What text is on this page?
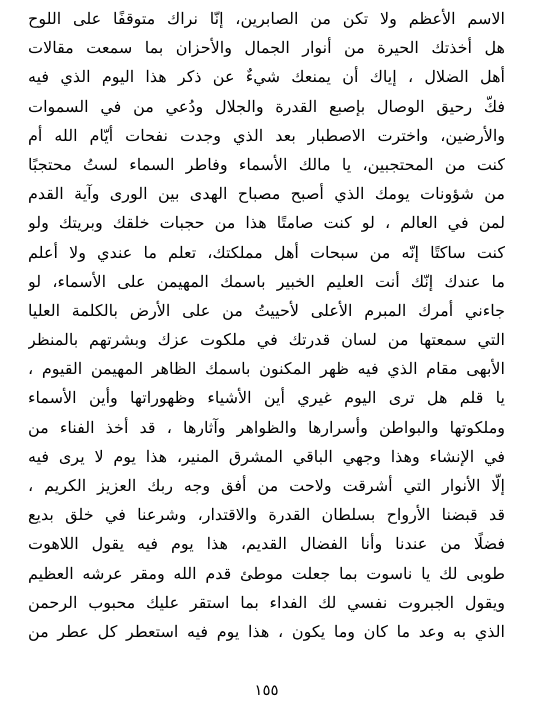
الاسم الأعظم ولا تكن من الصابرين، إنّا نراك متوقفًا على اللوح
هل أخذتك الحيرة من أنوار الجمال والأحزان بما سمعت مقالات
أهل الضلال ، إياك أن يمنعك شيءٌ عن ذكر هذا اليوم الذي فيه
فكّ رحيق الوصال بإصبع القدرة والجلال ودُعي من في السموات
والأرضين، واخترت الاصطبار بعد الذي وجدت نفحات أيّام الله أم
كنت من المحتجبين، يا مالك الأسماء وفاطر السماء لستُ محتجبًا
من شؤونات يومك الذي أصبح مصباح الهدى بين الورى وآية القدم
لمن في العالم ، لو كنت صامتًا هذا من حجبات خلقك وبريتك ولو
كنت ساكتًا إنّه من سبحات أهل مملكتك، تعلم ما عندي ولا أعلم
ما عندك إنّك أنت العليم الخبير باسمك المهيمن على الأسماء، لو
جاءني أمرك المبرم الأعلى لأحييتُ من على الأرض بالكلمة العليا
التي سمعتها من لسان قدرتك في ملكوت عزك وبشرتهم بالمنظر
الأبهى مقام الذي فيه ظهر المكنون باسمك الظاهر المهيمن القيوم ،
يا قلم هل ترى اليوم غيري أين الأشياء وظهوراتها وأين الأسماء
وملكوتها والبواطن وأسرارها والظواهر وآثارها ، قد أخذ الفناء من
في الإنشاء وهذا وجهي الباقي المشرق المنير، هذا يوم لا يرى فيه
إلّا الأنوار التي أشرقت ولاحت من أفق وجه ربك العزيز الكريم ،
قد قبضنا الأرواح بسلطان القدرة والاقتدار، وشرعنا في خلق بديع
فضلًا من عندنا وأنا الفضال القديم، هذا يوم فيه يقول اللاهوت
طوبى لك يا ناسوت بما جعلت موطئ قدم الله ومقر عرشه العظيم
ويقول الجبروت نفسي لك الفداء بما استقر عليك محبوب الرحمن
الذي به وعد ما كان وما يكون ، هذا يوم فيه استعطر كل عطر من
١٥٥
